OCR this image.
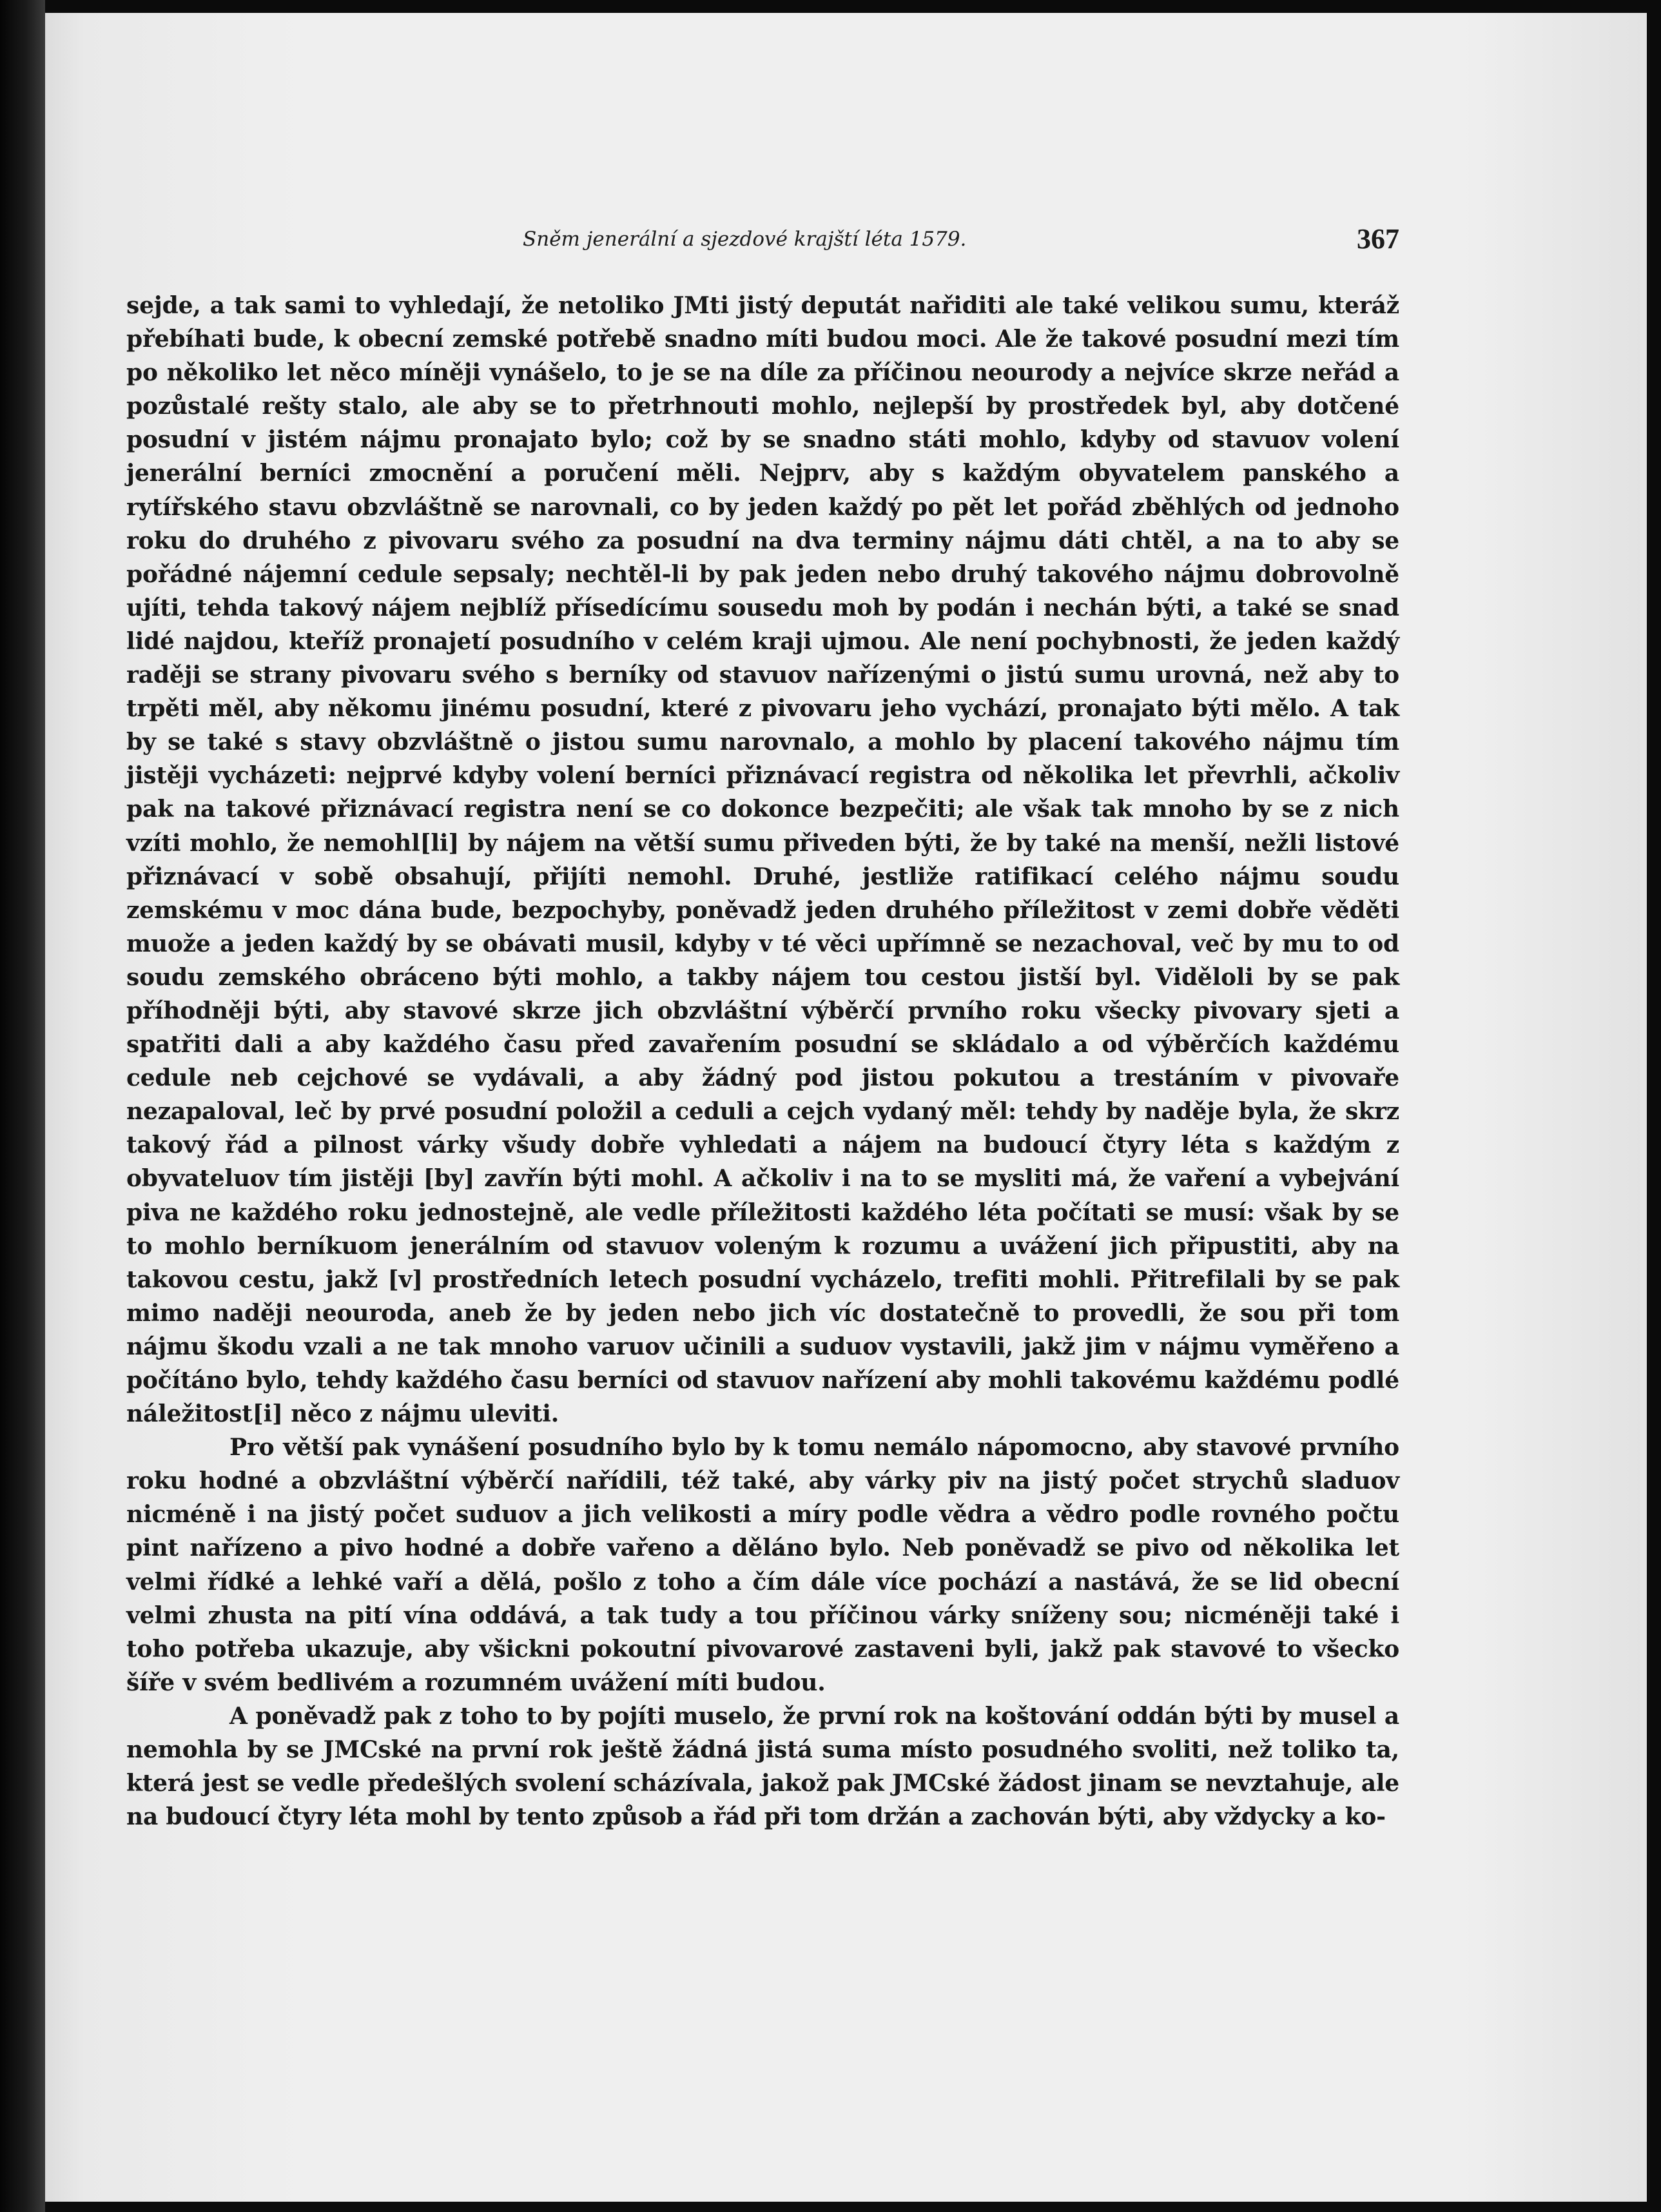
Sněm jenerální a sjezdové krajští léta 1579.	367

sejde, a tak sami to vyhledají, že netoliko JMti jistý deputát nařiditi ale také velikou sumu, kteráž přebíhati bude, k obecní zemské potřebě snadno míti budou moci. Ale že takové posudní mezi tím po několiko let něco míněji vynášelo, to je se na díle za příčinou neourody a nejvíce skrze neřád a pozůstalé rešty stalo, ale aby se to přetrhnouti mohlo, nejlepší by prostředek byl, aby dotčené posudní v jistém nájmu pronajato bylo; což by se snadno státi mohlo, kdyby od stavuov volení jenerální berníci zmocnění a poručení měli. Nejprv, aby s každým obyvatelem panského a rytířského stavu obzvláštně se narovnali, co by jeden každý po pět let pořád zběhlých od jednoho roku do druhého z pivovaru svého za posudní na dva terminy nájmu dáti chtěl, a na to aby se pořádné nájemní cedule sepsaly; nechtěl-li by pak jeden nebo druhý takového nájmu dobrovolně ujíti, tehda takový nájem nejblíž přísedícímu sousedu moh by podán i nechán býti, a také se snad lidé najdou, kteříž pronajetí posudního v celém kraji ujmou. Ale není pochybnosti, že jeden každý raději se strany pivovaru svého s berníky od stavuov nařízenými o jistú sumu urovná, než aby to trpěti měl, aby někomu jinému posudní, které z pivovaru jeho vychází, pronajato býti mělo. A tak by se také s stavy obzvláštně o jistou sumu narovnalo, a mohlo by placení takového nájmu tím jistěji vycházeti: nejprvé kdyby volení berníci přiznávací registra od několika let převrhli, ačkoliv pak na takové přiznávací registra není se co dokonce bezpečiti; ale však tak mnoho by se z nich vzíti mohlo, že nemohl[li] by nájem na větší sumu přiveden býti, že by také na menší, nežli listové přiznávací v sobě obsahují, přijíti nemohl. Druhé, jestliže ratifikací celého nájmu soudu zemskému v moc dána bude, bezpochyby, poněvadž jeden druhého příležitost v zemi dobře věděti muože a jeden každý by se obávati musil, kdyby v té věci upřímně se nezachoval, več by mu to od soudu zemského obráceno býti mohlo, a takby nájem tou cestou jistší byl. Viděloli by se pak příhodněji býti, aby stavové skrze jich obzvláštní výběrčí prvního roku všecky pivovary sjeti a spatřiti dali a aby každého času před zavařením posudní se skládalo a od výběrčích každému cedule neb cejchové se vydávali, a aby žádný pod jistou pokutou a trestáním v pivovaře nezapaloval, leč by prvé posudní položil a ceduli a cejch vydaný měl: tehdy by naděje byla, že skrz takový řád a pilnost várky všudy dobře vyhledati a nájem na budoucí čtyry léta s každým z obyvateluov tím jistěji [by] zavřín býti mohl. A ačkoliv i na to se mysliti má, že vaření a vybejvání piva ne každého roku jednostejně, ale vedle příležitosti každého léta počítati se musí: však by se to mohlo berníkuom jenerálním od stavuov voleným k rozumu a uvážení jich připustiti, aby na takovou cestu, jakž [v] prostředních letech posudní vycházelo, trefiti mohli. Přitrefilali by se pak mimo naději neouroda, aneb že by jeden nebo jich víc dostatečně to provedli, že sou při tom nájmu škodu vzali a ne tak mnoho varuov učinili a suduov vystavili, jakž jim v nájmu vyměřeno a počítáno bylo, tehdy každého času berníci od stavuov nařízení aby mohli takovému každému podlé náležitost[i] něco z nájmu uleviti.

Pro větší pak vynášení posudního bylo by k tomu nemálo nápomocno, aby stavové prvního roku hodné a obzvláštní výběrčí nařídili, též také, aby várky piv na jistý počet strychů sladuov nicméně i na jistý počet suduov a jich velikosti a míry podle vědra a vědro podle rovného počtu pint nařízeno a pivo hodné a dobře vařeno a děláno bylo. Neb poněvadž se pivo od několika let velmi řídké a lehké vaří a dělá, pošlo z toho a čím dále více pochází a nastává, že se lid obecní velmi zhusta na pití vína oddává, a tak tudy a tou příčinou várky sníženy sou; nicméněji také i toho potřeba ukazuje, aby všickni pokoutní pivovarové zastaveni byli, jakž pak stavové to všecko šíře v svém bedlivém a rozumném uvážení míti budou.

A poněvadž pak z toho to by pojíti muselo, že první rok na koštování oddán býti by musel a nemohla by se JMCské na první rok ještě žádná jistá suma místo posudného svoliti, než toliko ta, která jest se vedle předešlých svolení scházívala, jakož pak JMCské žádost jinam se nevztahuje, ale na budoucí čtyry léta mohl by tento způsob a řád při tom držán a zachován býti, aby vždycky a ko-
